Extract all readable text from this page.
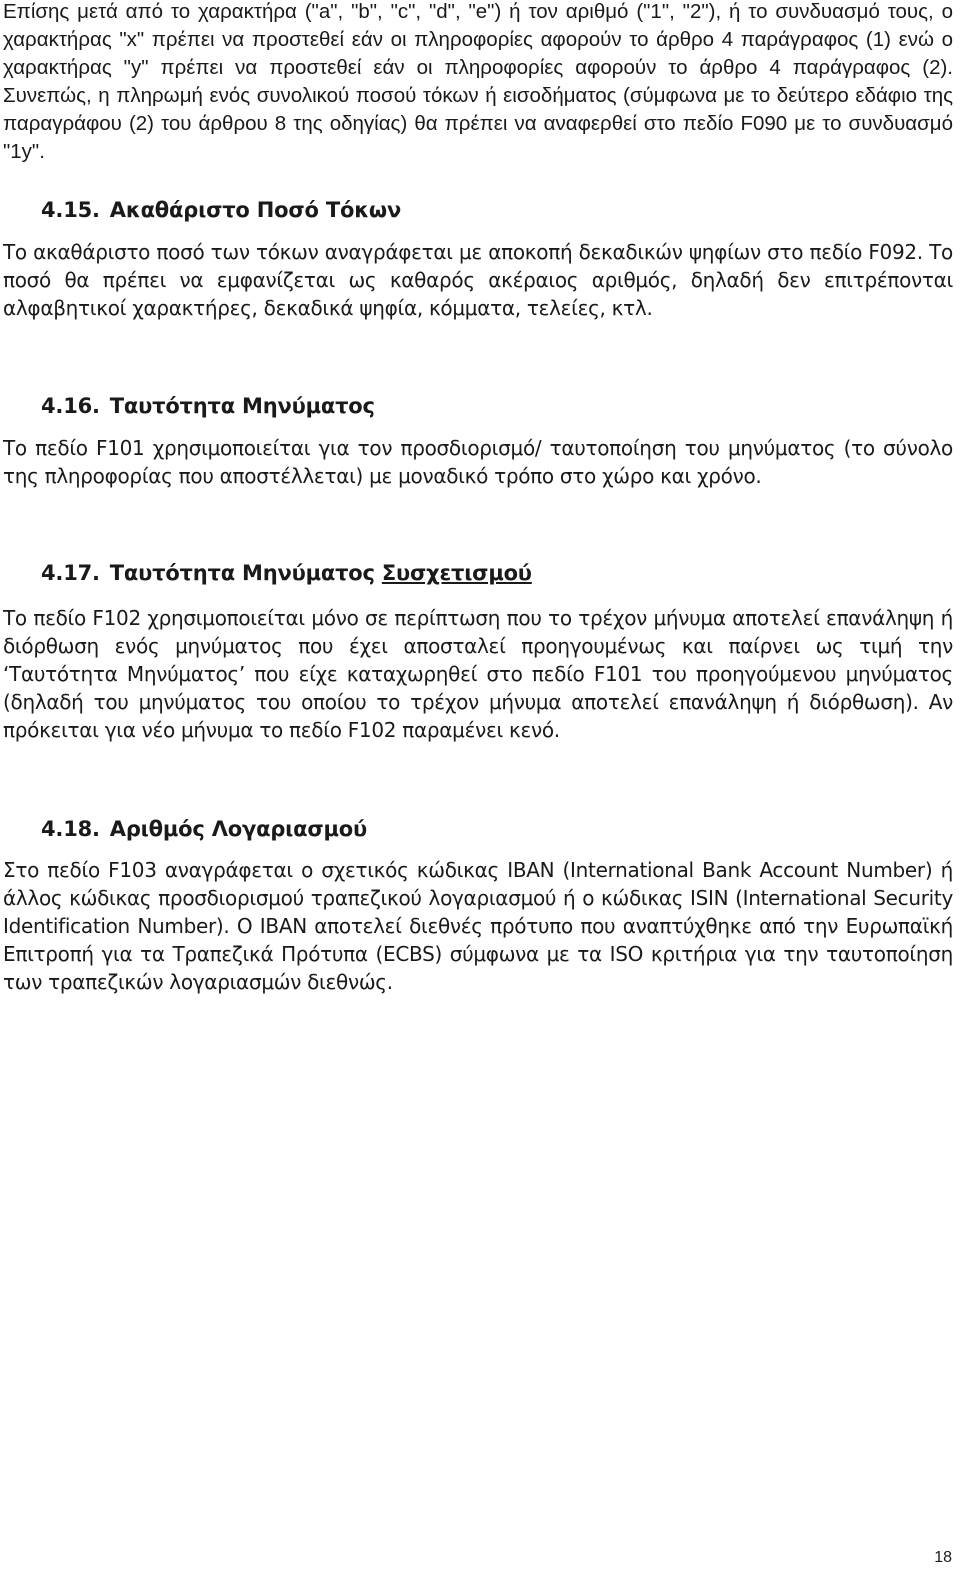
Επίσης μετά από το χαρακτήρα ("a", "b", "c", "d", "e") ή τον αριθμό ("1", "2"), ή το συνδυασμό τους, ο χαρακτήρας "x" πρέπει να προστεθεί εάν οι πληροφορίες αφορούν το άρθρο 4 παράγραφος (1) ενώ ο χαρακτήρας "y" πρέπει να προστεθεί εάν οι πληροφορίες αφορούν το άρθρο 4 παράγραφος (2). Συνεπώς, η πληρωμή ενός συνολικού ποσού τόκων ή εισοδήματος (σύμφωνα με το δεύτερο εδάφιο της παραγράφου (2) του άρθρου 8 της οδηγίας) θα πρέπει να αναφερθεί στο πεδίο F090 με το συνδυασμό "1y".

4.15. Ακαθάριστο Ποσό Τόκων

Το ακαθάριστο ποσό των τόκων αναγράφεται με αποκοπή δεκαδικών ψηφίων στο πεδίο F092. Το ποσό θα πρέπει να εμφανίζεται ως καθαρός ακέραιος αριθμός, δηλαδή δεν επιτρέπονται αλφαβητικοί χαρακτήρες, δεκαδικά ψηφία, κόμματα, τελείες, κτλ.

4.16. Ταυτότητα Μηνύματος

Το πεδίο F101 χρησιμοποιείται για τον προσδιορισμό/ ταυτοποίηση του μηνύματος (το σύνολο της πληροφορίας που αποστέλλεται) με μοναδικό τρόπο στο χώρο και χρόνο.

4.17. Ταυτότητα Μηνύματος Συσχετισμού

Το πεδίο F102 χρησιμοποιείται μόνο σε περίπτωση που το τρέχον μήνυμα αποτελεί επανάληψη ή διόρθωση ενός μηνύματος που έχει αποσταλεί προηγουμένως και παίρνει ως τιμή την ‘Ταυτότητα Μηνύματος’ που είχε καταχωρηθεί στο πεδίο F101 του προηγούμενου μηνύματος (δηλαδή του μηνύματος του οποίου το τρέχον μήνυμα αποτελεί επανάληψη ή διόρθωση). Αν πρόκειται για νέο μήνυμα το πεδίο F102 παραμένει κενό.

4.18. Αριθμός Λογαριασμού

Στο πεδίο F103 αναγράφεται ο σχετικός κώδικας IBAN (International Bank Account Number) ή άλλος κώδικας προσδιορισμού τραπεζικού λογαριασμού ή ο κώδικας ISIN (International Security Identification Number). Ο IBAN αποτελεί διεθνές πρότυπο που αναπτύχθηκε από την Ευρωπαϊκή Επιτροπή για τα Τραπεζικά Πρότυπα (ECBS) σύμφωνα με τα ISO κριτήρια για την ταυτοποίηση των τραπεζικών λογαριασμών διεθνώς.

18
